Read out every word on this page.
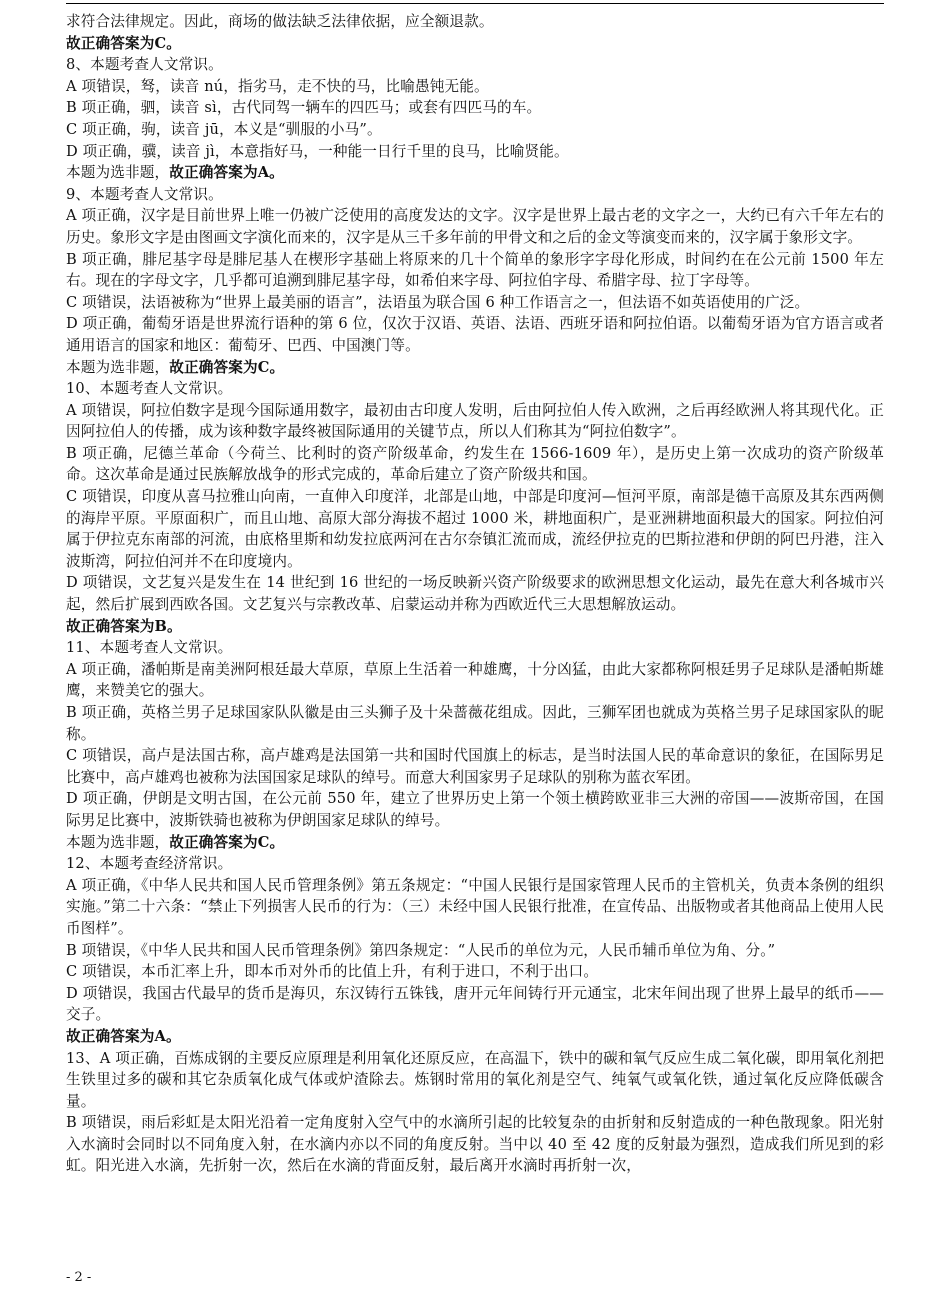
求符合法律规定。因此，商场的做法缺乏法律依据，应全额退款。

故正确答案为C。

8、本题考查人文常识。

A 项错误，驽，读音 nú，指劣马，走不快的马，比喻愚钝无能。

B 项正确，驷，读音 sì，古代同驾一辆车的四匹马；或套有四匹马的车。

C 项正确，驹，读音 jū，本义是“驯服的小马”。

D 项正确，骥，读音 jì，本意指好马，一种能一日行千里的良马，比喻贤能。

本题为选非题，故正确答案为A。

9、本题考查人文常识。

A 项正确，汉字是目前世界上唯一仍被广泛使用的高度发达的文字。汉字是世界上最古老的文字之一，大约已有六千年左右的历史。象形文字是由图画文字演化而来的，汉字是从三千多年前的甲骨文和之后的金文等演变而来的，汉字属于象形文字。

B 项正确，腓尼基字母是腓尼基人在楔形字基础上将原来的几十个简单的象形字字母化形成，时间约在在公元前 1500 年左右。现在的字母文字，几乎都可追溯到腓尼基字母，如希伯来字母、阿拉伯字母、希腊字母、拉丁字母等。

C 项错误，法语被称为“世界上最美丽的语言”，法语虽为联合国 6 种工作语言之一，但法语不如英语使用的广泛。

D 项正确，葡萄牙语是世界流行语种的第 6 位，仅次于汉语、英语、法语、西班牙语和阿拉伯语。以葡萄牙语为官方语言或者通用语言的国家和地区：葡萄牙、巴西、中国澳门等。

本题为选非题，故正确答案为C。

10、本题考查人文常识。

A 项错误，阿拉伯数字是现今国际通用数字，最初由古印度人发明，后由阿拉伯人传入欧洲，之后再经欧洲人将其现代化。正因阿拉伯人的传播，成为该种数字最终被国际通用的关键节点，所以人们称其为“阿拉伯数字”。

B 项正确，尼德兰革命（今荷兰、比利时的资产阶级革命，约发生在 1566-1609 年），是历史上第一次成功的资产阶级革命。这次革命是通过民族解放战争的形式完成的，革命后建立了资产阶级共和国。

C 项错误，印度从喜马拉雅山向南，一直伸入印度洋，北部是山地，中部是印度河—恒河平原，南部是德干高原及其东西两侧的海岸平原。平原面积广，而且山地、高原大部分海拔不超过 1000 米，耕地面积广，是亚洲耕地面积最大的国家。阿拉伯河属于伊拉克东南部的河流，由底格里斯和幼发拉底两河在古尔奈镇汇流而成，流经伊拉克的巴斯拉港和伊朗的阿巴丹港，注入波斯湾，阿拉伯河并不在印度境内。

D 项错误，文艺复兴是发生在 14 世纪到 16 世纪的一场反映新兴资产阶级要求的欧洲思想文化运动，最先在意大利各城市兴起，然后扩展到西欧各国。文艺复兴与宗教改革、启蒙运动并称为西欧近代三大思想解放运动。

故正确答案为B。

11、本题考查人文常识。

A 项正确，潘帕斯是南美洲阿根廷最大草原，草原上生活着一种雄鹰，十分凶猛，由此大家都称阿根廷男子足球队是潘帕斯雄鹰，来赞美它的强大。

B 项正确，英格兰男子足球国家队队徽是由三头狮子及十朵蔷薇花组成。因此，三狮军团也就成为英格兰男子足球国家队的昵称。

C 项错误，高卢是法国古称，高卢雄鸡是法国第一共和国时代国旗上的标志，是当时法国人民的革命意识的象征，在国际男足比赛中，高卢雄鸡也被称为法国国家足球队的绰号。而意大利国家男子足球队的别称为蓝衣军团。

D 项正确，伊朗是文明古国，在公元前 550 年，建立了世界历史上第一个领土横跨欧亚非三大洲的帝国——波斯帝国，在国际男足比赛中，波斯铁骑也被称为伊朗国家足球队的绰号。

本题为选非题，故正确答案为C。

12、本题考查经济常识。

A 项正确，《中华人民共和国人民币管理条例》第五条规定：“中国人民银行是国家管理人民币的主管机关，负责本条例的组织实施。”第二十六条：“禁止下列损害人民币的行为：（三）未经中国人民银行批准，在宣传品、出版物或者其他商品上使用人民币图样”。

B 项错误，《中华人民共和国人民币管理条例》第四条规定：“人民币的单位为元，人民币辅币单位为角、分。”

C 项错误，本币汇率上升，即本币对外币的比值上升，有利于进口，不利于出口。

D 项错误，我国古代最早的货币是海贝，东汉铸行五铢钱，唐开元年间铸行开元通宝，北宋年间出现了世界上最早的纸币——交子。

故正确答案为A。

13、A 项正确，百炼成钢的主要反应原理是利用氧化还原反应，在高温下，铁中的碳和氧气反应生成二氧化碳，即用氧化剂把生铁里过多的碳和其它杂质氧化成气体或炉渣除去。炼钢时常用的氧化剂是空气、纯氧气或氧化铁，通过氧化反应降低碳含量。

B 项错误，雨后彩虹是太阳光沿着一定角度射入空气中的水滴所引起的比较复杂的由折射和反射造成的一种色散现象。阳光射入水滴时会同时以不同角度入射，在水滴内亦以不同的角度反射。当中以 40 至 42 度的反射最为强烈，造成我们所见到的彩虹。阳光进入水滴，先折射一次，然后在水滴的背面反射，最后离开水滴时再折射一次，

- 2 -
